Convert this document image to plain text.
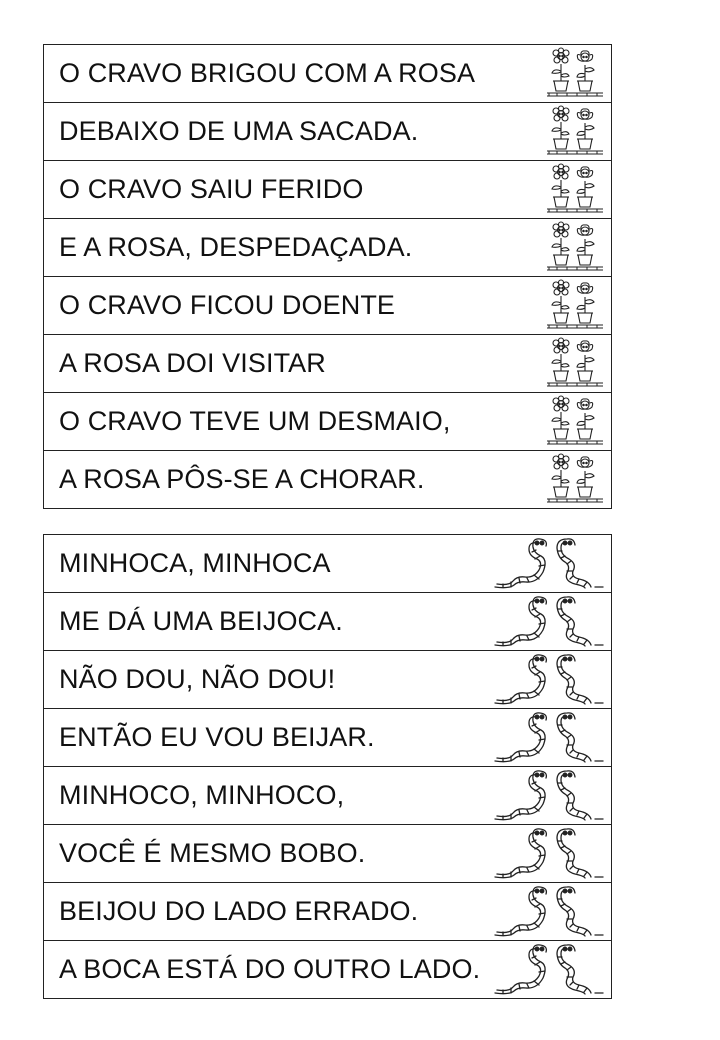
O CRAVO BRIGOU COM A ROSA
DEBAIXO DE UMA SACADA.
O CRAVO SAIU FERIDO
E A ROSA, DESPEDAÇADA.
O CRAVO FICOU DOENTE
A ROSA DOI VISITAR
O CRAVO TEVE UM DESMAIO,
A ROSA PÔS-SE A CHORAR.
MINHOCA, MINHOCA
ME DÁ UMA BEIJOCA.
NÃO DOU, NÃO DOU!
ENTÃO EU VOU BEIJAR.
MINHOCO, MINHOCO,
VOCÊ É MESMO BOBO.
BEIJOU DO LADO ERRADO.
A BOCA ESTÁ DO OUTRO LADO.
